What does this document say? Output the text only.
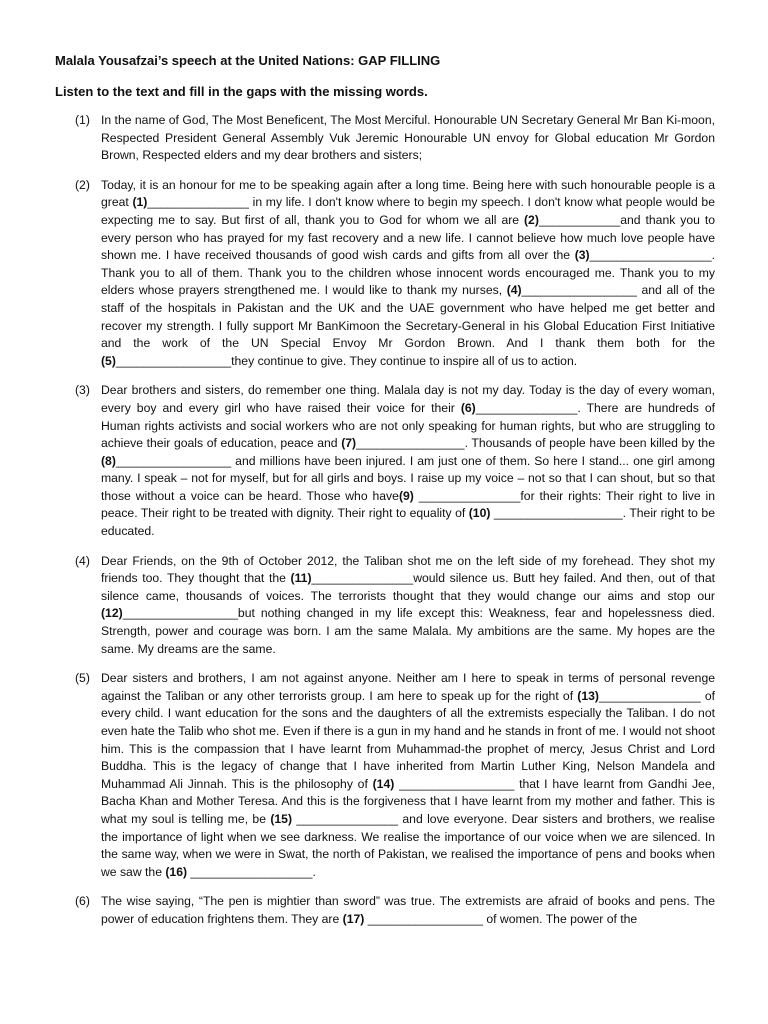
Malala Yousafzai’s speech at the United Nations: GAP FILLING

Listen to the text and fill in the gaps with the missing words.

(1) In the name of God, The Most Beneficent, The Most Merciful. Honourable UN Secretary General Mr Ban Ki-moon, Respected President General Assembly Vuk Jeremic Honourable UN envoy for Global education Mr Gordon Brown, Respected elders and my dear brothers and sisters;

(2) Today, it is an honour for me to be speaking again after a long time. Being here with such honourable people is a great (1)_______________ in my life. I don't know where to begin my speech. I don't know what people would be expecting me to say. But first of all, thank you to God for whom we all are (2)____________and thank you to every person who has prayed for my fast recovery and a new life. I cannot believe how much love people have shown me. I have received thousands of good wish cards and gifts from all over the (3)__________________. Thank you to all of them. Thank you to the children whose innocent words encouraged me. Thank you to my elders whose prayers strengthened me. I would like to thank my nurses, (4)_________________ and all of the staff of the hospitals in Pakistan and the UK and the UAE government who have helped me get better and recover my strength. I fully support Mr BanKimoon the Secretary-General in his Global Education First Initiative and the work of the UN Special Envoy Mr Gordon Brown. And I thank them both for the (5)_________________they continue to give. They continue to inspire all of us to action.

(3) Dear brothers and sisters, do remember one thing. Malala day is not my day. Today is the day of every woman, every boy and every girl who have raised their voice for their (6)_______________. There are hundreds of Human rights activists and social workers who are not only speaking for human rights, but who are struggling to achieve their goals of education, peace and (7)________________. Thousands of people have been killed by the (8)_________________ and millions have been injured. I am just one of them. So here I stand... one girl among many. I speak – not for myself, but for all girls and boys. I raise up my voice – not so that I can shout, but so that those without a voice can be heard. Those who have(9) _______________for their rights: Their right to live in peace. Their right to be treated with dignity. Their right to equality of (10) ___________________. Their right to be educated.

(4) Dear Friends, on the 9th of October 2012, the Taliban shot me on the left side of my forehead. They shot my friends too. They thought that the (11)_______________would silence us. Butt hey failed. And then, out of that silence came, thousands of voices. The terrorists thought that they would change our aims and stop our (12)_________________but nothing changed in my life except this: Weakness, fear and hopelessness died. Strength, power and courage was born. I am the same Malala. My ambitions are the same. My hopes are the same. My dreams are the same.

(5) Dear sisters and brothers, I am not against anyone. Neither am I here to speak in terms of personal revenge against the Taliban or any other terrorists group. I am here to speak up for the right of (13)_______________ of every child. I want education for the sons and the daughters of all the extremists especially the Taliban. I do not even hate the Talib who shot me. Even if there is a gun in my hand and he stands in front of me. I would not shoot him. This is the compassion that I have learnt from Muhammad-the prophet of mercy, Jesus Christ and Lord Buddha. This is the legacy of change that I have inherited from Martin Luther King, Nelson Mandela and Muhammad Ali Jinnah. This is the philosophy of (14) _________________ that I have learnt from Gandhi Jee, Bacha Khan and Mother Teresa. And this is the forgiveness that I have learnt from my mother and father. This is what my soul is telling me, be (15) _______________ and love everyone. Dear sisters and brothers, we realise the importance of light when we see darkness. We realise the importance of our voice when we are silenced. In the same way, when we were in Swat, the north of Pakistan, we realised the importance of pens and books when we saw the (16) __________________.

(6) The wise saying, “The pen is mightier than sword” was true. The extremists are afraid of books and pens. The power of education frightens them. They are (17) _________________ of women. The power of the
